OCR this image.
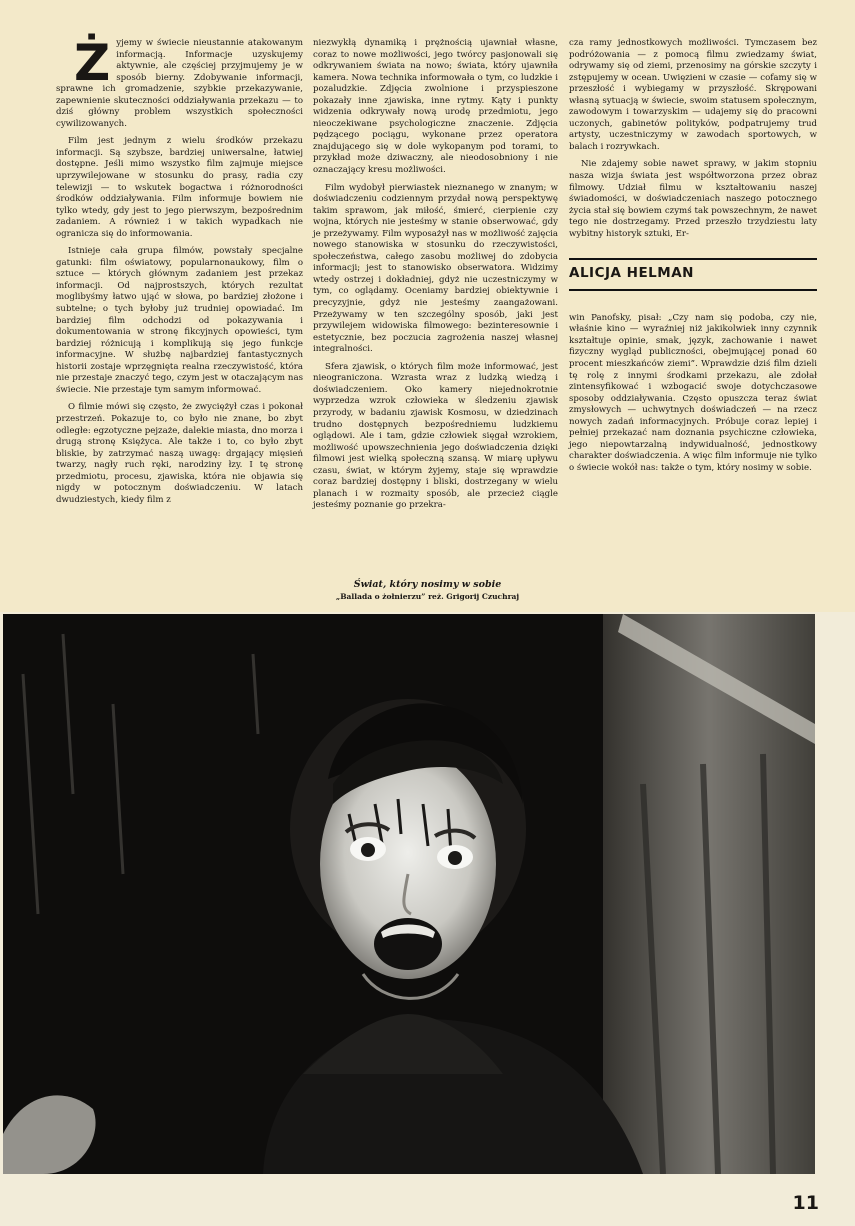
Żyjemy w świecie nieustannie atakowanym informacją. Informacje uzyskujemy aktywnie, ale częściej przyjmujemy je w sposób bierny. Zdobywanie informacji, sprawne ich gromadzenie, szybkie przekazywanie, zapewnienie skuteczności oddziaływania przekazu — to dziś główny problem wszystkich społeczności cywilizowanych.

Film jest jednym z wielu środków przekazu informacji. Są szybsze, bardziej uniwersalne, łatwiej dostępne. Jeśli mimo wszystko film zajmuje miejsce uprzywilejowane w stosunku do prasy, radia czy telewizji — to wskutek bogactwa i różnorodności środków oddziaływania. Film informuje bowiem nie tylko wtedy, gdy jest to jego pierwszym, bezpośrednim zadaniem. A również i w takich wypadkach nie ogranicza się do informowania.

Istnieje cała grupa filmów, powstały specjalne gatunki: film oświatowy, popularnonaukowy, film o sztuce — których głównym zadaniem jest przekaz informacji. Od najprostszych, których rezultat moglibyśmy łatwo ująć w słowa, po bardziej złożone i subtelne; o tych byłoby już trudniej opowiadać. Im bardziej film odchodzi od pokazywania i dokumentowania w stronę fikcyjnych opowieści, tym bardziej różnicują i komplikują się jego funkcje informacyjne. W służbę najbardziej fantastycznych historii zostaje wprzęgnięta realna rzeczywistość, która nie przestaje znaczyć tego, czym jest w otaczającym nas świecie. Nie przestaje tym samym informować.

O filmie mówi się często, że zwyciężył czas i pokonał przestrzeń. Pokazuje to, co było nie znane, bo zbyt odległe: egzotyczne pejzaże, dalekie miasta, dno morza i drugą stronę Księżyca. Ale także i to, co było zbyt bliskie, by zatrzymać naszą uwagę: drgający mięsień twarzy, nagły ruch ręki, narodziny łzy. I tę stronę przedmiotu, procesu, zjawiska, która nie objawia się nigdy w potocznym doświadczeniu. W latach dwudziestych, kiedy film z

niezwykłą dynamiką i prężnością ujawniał własne, coraz to nowe możliwości, jego twórcy pasjonowali się odkrywaniem świata na nowo; świata, który ujawniła kamera. Nowa technika informowała o tym, co ludzkie i pozaludzkie. Zdjęcia zwolnione i przyspieszone pokazały inne zjawiska, inne rytmy. Kąty i punkty widzenia odkrywały nową urodę przedmiotu, jego nieoczekiwane psychologiczne znaczenie. Zdjęcia pędzącego pociągu, wykonane przez operatora znajdującego się w dole wykopanym pod torami, to przykład może dziwaczny, ale nieodosobniony i nie oznaczający kresu możliwości.

Film wydobył pierwiastek nieznanego w znanym; w doświadczeniu codziennym przydał nową perspektywę takim sprawom, jak miłość, śmierć, cierpienie czy wojna, których nie jesteśmy w stanie obserwować, gdy je przeżywamy. Film wyposażył nas w możliwość zajęcia nowego stanowiska w stosunku do rzeczywistości, społeczeństwa, całego zasobu możliwej do zdobycia informacji; jest to stanowisko obserwatora. Widzimy wtedy ostrzej i dokładniej, gdyż nie uczestniczymy w tym, co oglądamy. Oceniamy bardziej obiektywnie i precyzyjnie, gdyż nie jesteśmy zaangażowani. Przeżywamy w ten szczególny sposób, jaki jest przywilejem widowiska filmowego: bezinteresownie i estetycznie, bez poczucia zagrożenia naszej własnej integralności.

Sfera zjawisk, o których film może informować, jest nieograniczona. Wzrasta wraz z ludzką wiedzą i doświadczeniem. Oko kamery niejednokrotnie wyprzedza wzrok człowieka w śledzeniu zjawisk przyrody, w badaniu zjawisk Kosmosu, w dziedzinach trudno dostępnych bezpośredniemu ludzkiemu oglądowi. Ale i tam, gdzie człowiek sięgał wzrokiem, możliwość upowszechnienia jego doświadczenia dzięki filmowi jest wielką społeczną szansą. W miarę upływu czasu, świat, w którym żyjemy, staje się wprawdzie coraz bardziej dostępny i bliski, dostrzegany w wielu planach i w rozmaity sposób, ale przecież ciągle jesteśmy poznanie go przekra-

cza ramy jednostkowych możliwości. Tymczasem bez podróżowania — z pomocą filmu zwiedzamy świat, odrywamy się od ziemi, przenosimy na górskie szczyty i zstępujemy w ocean. Uwięzieni w czasie — cofamy się w przeszłość i wybiegamy w przyszłość. Skrępowani własną sytuacją w świecie, swoim statusem społecznym, zawodowym i towarzyskim — udajemy się do pracowni uczonych, gabinetów polityków, podpatrujemy trud artysty, uczestniczymy w zawodach sportowych, w balach i rozrywkach.

Nie zdajemy sobie nawet sprawy, w jakim stopniu nasza wizja świata jest współtworzona przez obraz filmowy. Udział filmu w kształtowaniu naszej świadomości, w doświadczeniach naszego potocznego życia stał się bowiem czymś tak powszechnym, że nawet tego nie dostrzegamy. Przed przeszło trzydziestu laty wybitny historyk sztuki, Er-

ALICJA HELMAN

win Panofsky, pisał: „Czy nam się podoba, czy nie, właśnie kino — wyraźniej niż jakikolwiek inny czynnik kształtuje opinie, smak, język, zachowanie i nawet fizyczny wygląd publiczności, obejmującej ponad 60 procent mieszkańców ziemi”. Wprawdzie dziś film dzieli tę rolę z innymi środkami przekazu, ale zdołał zintensyfikować i wzbogacić swoje dotychczasowe sposoby oddziaływania. Często opuszcza teraz świat zmysłowych — uchwytnych doświadczeń — na rzecz nowych zadań informacyjnych. Próbuje coraz lepiej i pełniej przekazać nam doznania psychiczne człowieka, jego niepowtarzalną indywidualność, jednostkowy charakter doświadczenia. A więc film informuje nie tylko o świecie wokół nas: także o tym, który nosimy w sobie.

Świat, który nosimy w sobie
„Ballada o żołnierzu” reż. Grigorij Czuchraj
11
